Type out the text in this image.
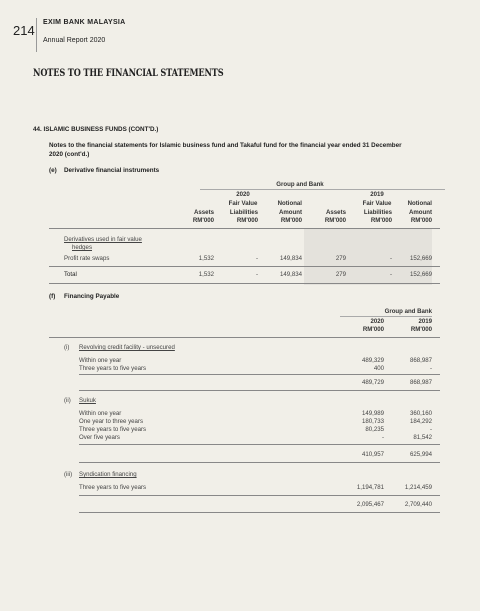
214
EXIM BANK MALAYSIA
Annual Report 2020
NOTES TO THE FINANCIAL STATEMENTS
44. ISLAMIC BUSINESS FUNDS (CONT'D.)
Notes to the financial statements for Islamic business fund and Takaful fund for the financial year ended 31 December
2020 (cont'd.)
(e) Derivative financial instruments
Group and Bank
2020	2019
Fair Value	Fair Value
Notional	Notional
Assets	Liabilities	Amount	Assets	Liabilities	Amount
RM'000	RM'000	RM'000	RM'000	RM'000	RM'000
Derivatives used in fair value
hedges
Profit rate swaps	1,532	-	149,834	279	-	152,669
Total	1,532	-	149,834	279	-	152,669
(f) Financing Payable
Group and Bank
2020	2019
RM'000	RM'000
(i) Revolving credit facility - unsecured
Within one year	489,329	868,987
Three years to five years	400	-
489,729	868,987
(ii) Sukuk
Within one year	149,989	360,160
One year to three years	180,733	184,292
Three years to five years	80,235	-
Over five years	-	81,542
410,957	625,994
(iii) Syndication financing
Three years to five years	1,194,781	1,214,459
2,095,467	2,709,440
